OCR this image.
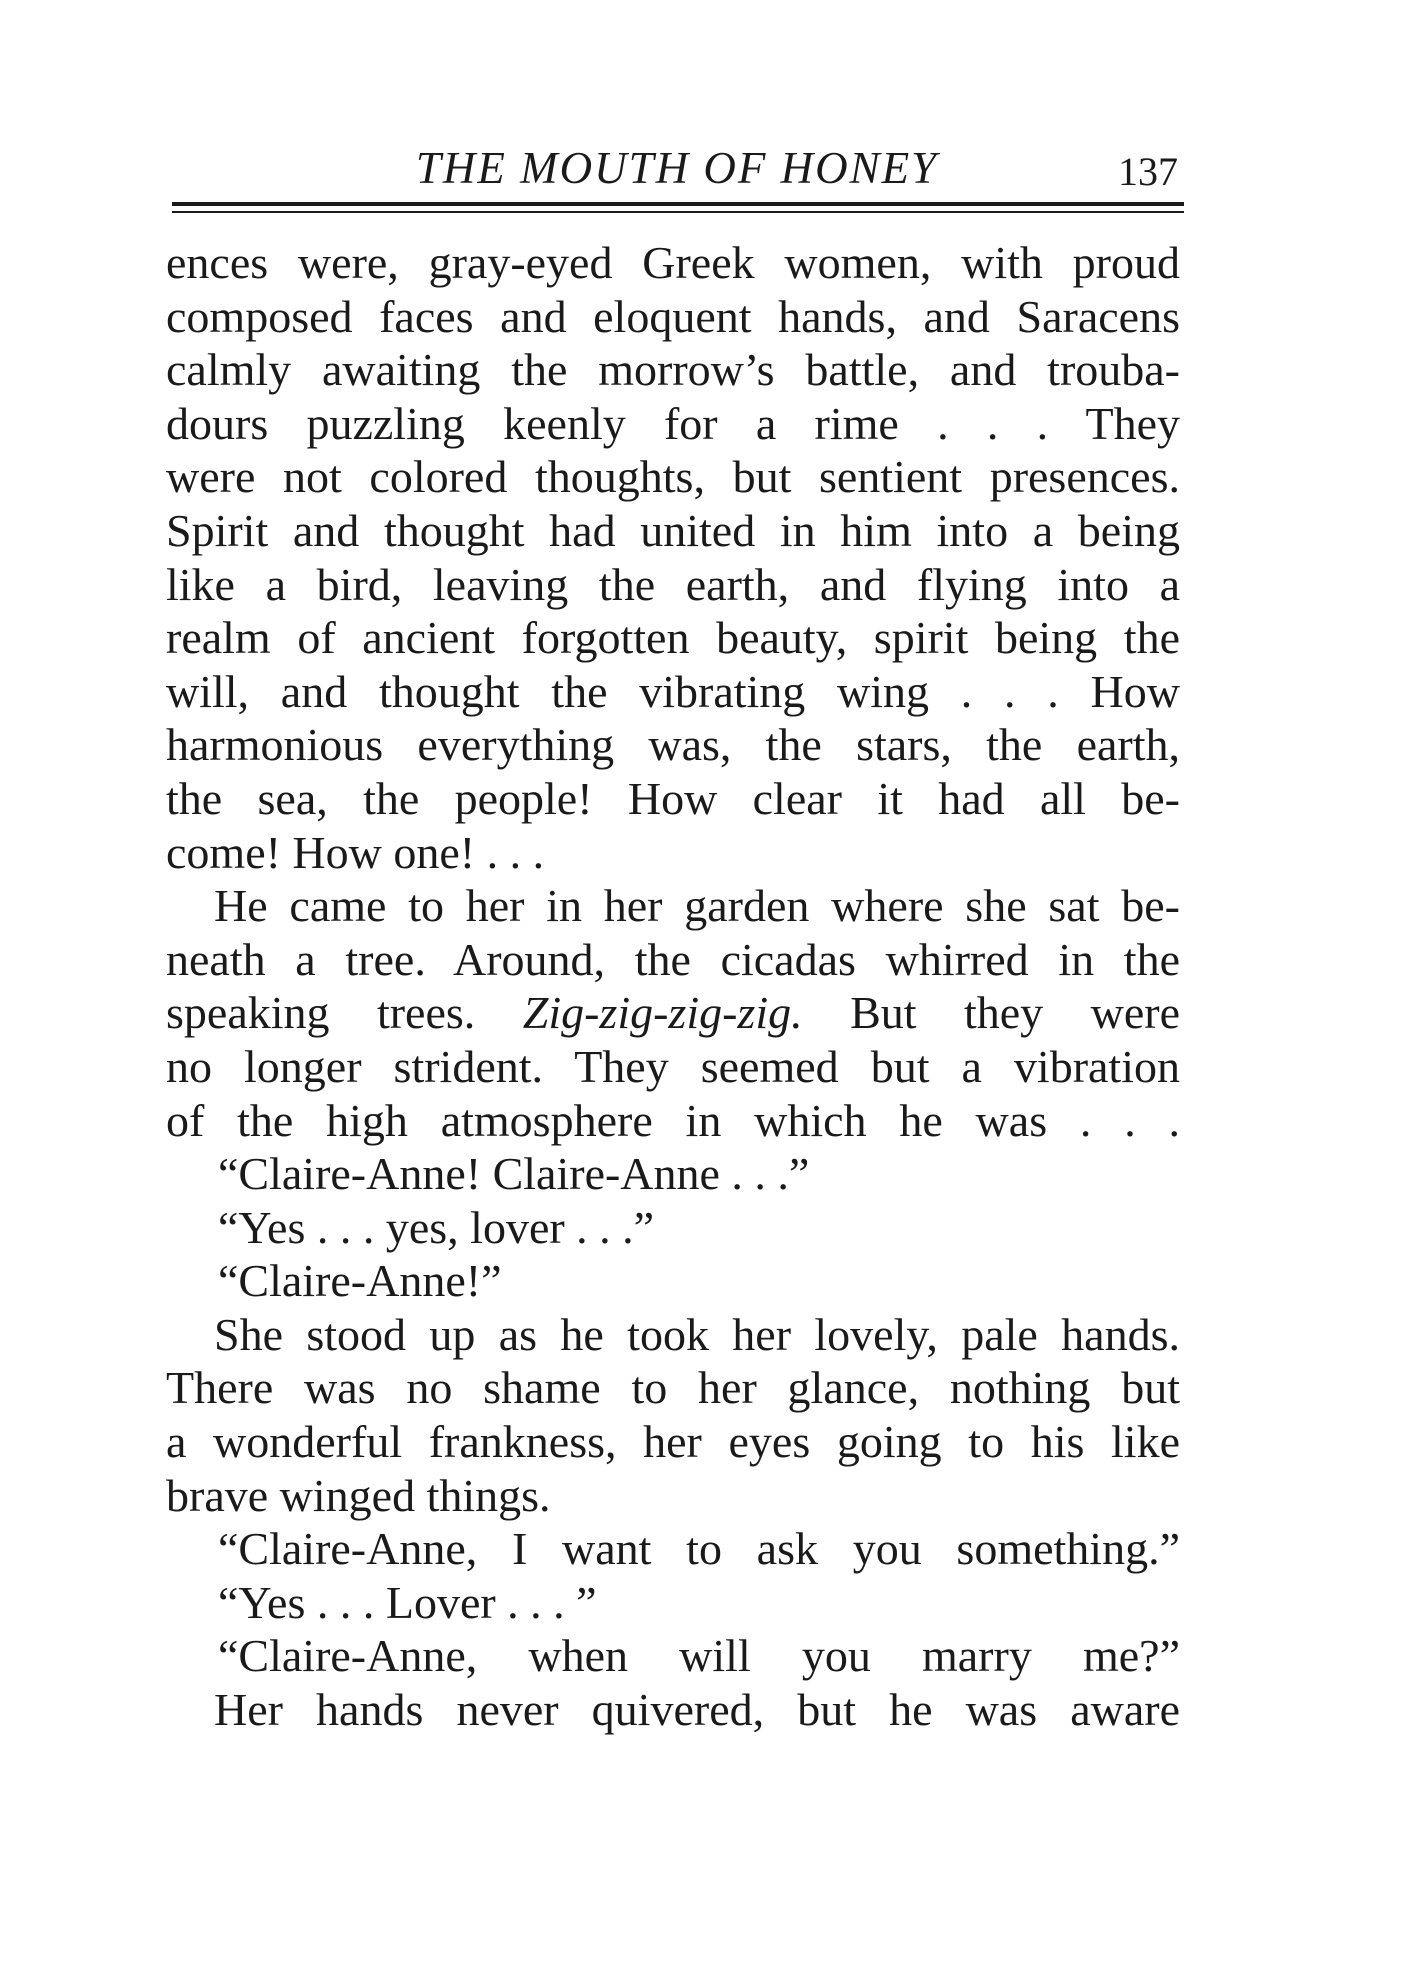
THE MOUTH OF HONEY	137
ences were, gray-eyed Greek women, with proud
composed faces and eloquent hands, and Saracens
calmly awaiting the morrow’s battle, and trouba-
dours puzzling keenly for a rime . . . They
were not colored thoughts, but sentient presences.
Spirit and thought had united in him into a being
like a bird, leaving the earth, and flying into a
realm of ancient forgotten beauty, spirit being the
will, and thought the vibrating wing . . . How
harmonious everything was, the stars, the earth,
the sea, the people! How clear it had all be-
come! How one! . . .
He came to her in her garden where she sat be-
neath a tree. Around, the cicadas whirred in the
speaking trees. Zig-zig-zig-zig. But they were
no longer strident. They seemed but a vibration
of the high atmosphere in which he was . . .
“Claire-Anne! Claire-Anne . . .”
“Yes . . . yes, lover . . .”
“Claire-Anne!”
She stood up as he took her lovely, pale hands.
There was no shame to her glance, nothing but
a wonderful frankness, her eyes going to his like
brave winged things.
“Claire-Anne, I want to ask you something.”
“Yes . . . Lover . . . ”
“Claire-Anne, when will you marry me?”
Her hands never quivered, but he was aware
